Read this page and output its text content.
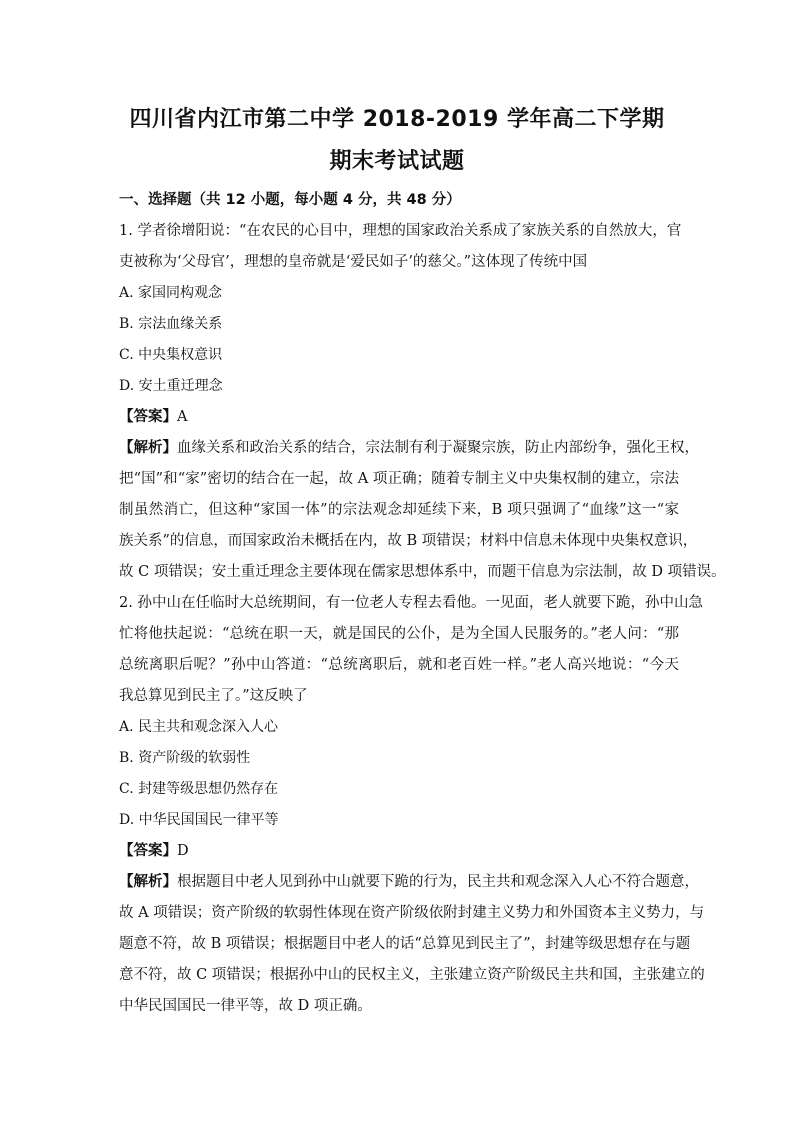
四川省内江市第二中学 2018-2019 学年高二下学期
期末考试试题
一、选择题（共 12 小题，每小题 4 分，共 48 分）
1. 学者徐增阳说：“在农民的心目中，理想的国家政治关系成了家族关系的自然放大，官
吏被称为‘父母官’，理想的皇帝就是‘爱民如子’的慈父。”这体现了传统中国
A. 家国同构观念
B. 宗法血缘关系
C. 中央集权意识
D. 安土重迁理念
【答案】A
【解析】血缘关系和政治关系的结合，宗法制有利于凝聚宗族，防止内部纷争，强化王权，
把“国”和“家”密切的结合在一起，故 A 项正确；随着专制主义中央集权制的建立，宗法
制虽然消亡，但这种“家国一体”的宗法观念却延续下来，B 项只强调了“血缘”这一“家
族关系”的信息，而国家政治未概括在内，故 B 项错误；材料中信息未体现中央集权意识，
故 C 项错误；安土重迁理念主要体现在儒家思想体系中，而题干信息为宗法制，故 D 项错误。
2. 孙中山在任临时大总统期间，有一位老人专程去看他。一见面，老人就要下跪，孙中山急
忙将他扶起说：“总统在职一天，就是国民的公仆，是为全国人民服务的。”老人问：“那
总统离职后呢？”孙中山答道：“总统离职后，就和老百姓一样。”老人高兴地说：“今天
我总算见到民主了。”这反映了
A. 民主共和观念深入人心
B. 资产阶级的软弱性
C. 封建等级思想仍然存在
D. 中华民国国民一律平等
【答案】D
【解析】根据题目中老人见到孙中山就要下跪的行为，民主共和观念深入人心不符合题意，
故 A 项错误；资产阶级的软弱性体现在资产阶级依附封建主义势力和外国资本主义势力，与
题意不符，故 B 项错误；根据题目中老人的话“总算见到民主了”，封建等级思想存在与题
意不符，故 C 项错误；根据孙中山的民权主义，主张建立资产阶级民主共和国，主张建立的
中华民国国民一律平等，故 D 项正确。
